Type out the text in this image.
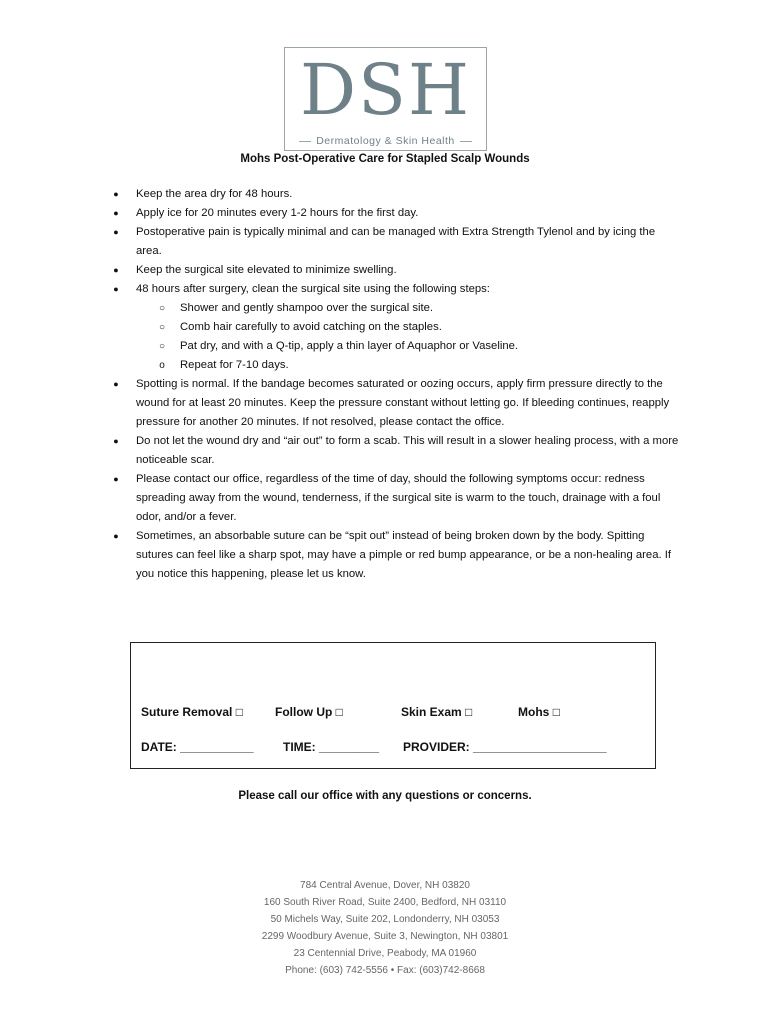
DSH
Dermatology & Skin Health
Mohs Post-Operative Care for Stapled Scalp Wounds
● Keep the area dry for 48 hours.
● Apply ice for 20 minutes every 1-2 hours for the first day.
● Postoperative pain is typically minimal and can be managed with Extra Strength Tylenol and by icing the area.
● Keep the surgical site elevated to minimize swelling.
● 48 hours after surgery, clean the surgical site using the following steps:
○ Shower and gently shampoo over the surgical site.
○ Comb hair carefully to avoid catching on the staples.
○ Pat dry, and with a Q-tip, apply a thin layer of Aquaphor or Vaseline.
o Repeat for 7-10 days.
● Spotting is normal. If the bandage becomes saturated or oozing occurs, apply firm pressure directly to the wound for at least 20 minutes. Keep the pressure constant without letting go. If bleeding continues, reapply pressure for another 20 minutes. If not resolved, please contact the office.
● Do not let the wound dry and “air out” to form a scab. This will result in a slower healing process, with a more noticeable scar.
● Please contact our office, regardless of the time of day, should the following symptoms occur: redness spreading away from the wound, tenderness, if the surgical site is warm to the touch, drainage with a foul odor, and/or a fever.
● Sometimes, an absorbable suture can be “spit out” instead of being broken down by the body. Spitting sutures can feel like a sharp spot, may have a pimple or red bump appearance, or be a non-healing area. If you notice this happening, please let us know.
Suture Removal □	Follow Up □	Skin Exam □	Mohs □
DATE: ___________ TIME: _________ PROVIDER: ____________________
Please call our office with any questions or concerns.
784 Central Avenue, Dover, NH 03820
160 South River Road, Suite 2400, Bedford, NH 03110
50 Michels Way, Suite 202, Londonderry, NH 03053
2299 Woodbury Avenue, Suite 3, Newington, NH 03801
23 Centennial Drive, Peabody, MA 01960
Phone: (603) 742-5556 • Fax: (603)742-8668
